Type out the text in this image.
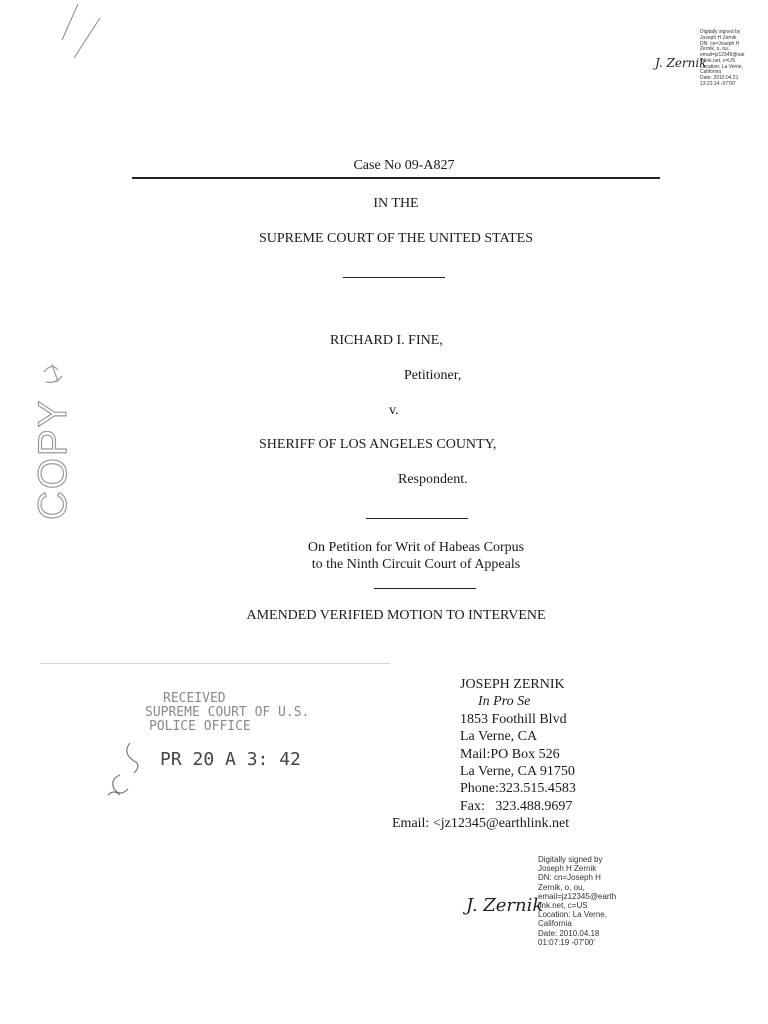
J. Zernik
Digitally signed by
Joseph H Zernik
DN: cn=Joseph H
Zernik, o, ou,
email=jz12345@ear
thlink.net, c=US
Location: La Verne,
California
Date: 2010.04.21
13:22:14 -07'00'
Case No 09-A827
IN THE
SUPREME COURT OF THE UNITED STATES
RICHARD I. FINE,
Petitioner,
v.
SHERIFF OF LOS ANGELES COUNTY,
Respondent.
On Petition for Writ of Habeas Corpus
to the Ninth Circuit Court of Appeals
AMENDED VERIFIED MOTION TO INTERVENE
COPY
RECEIVED
SUPREME COURT OF U.S.
POLICE OFFICE
PR 20 A 3: 42
JOSEPH ZERNIK
In Pro Se
1853 Foothill Blvd
La Verne, CA
Mail:PO Box 526
La Verne, CA 91750
Phone:323.515.4583
Fax:   323.488.9697
Email: <jz12345@earthlink.net
J. Zernik
Digitally signed by
Joseph H Zernik
DN: cn=Joseph H
Zernik, o, ou,
email=jz12345@earth
link.net, c=US
Location: La Verne,
California
Date: 2010.04.18
01:07:19 -07'00'
